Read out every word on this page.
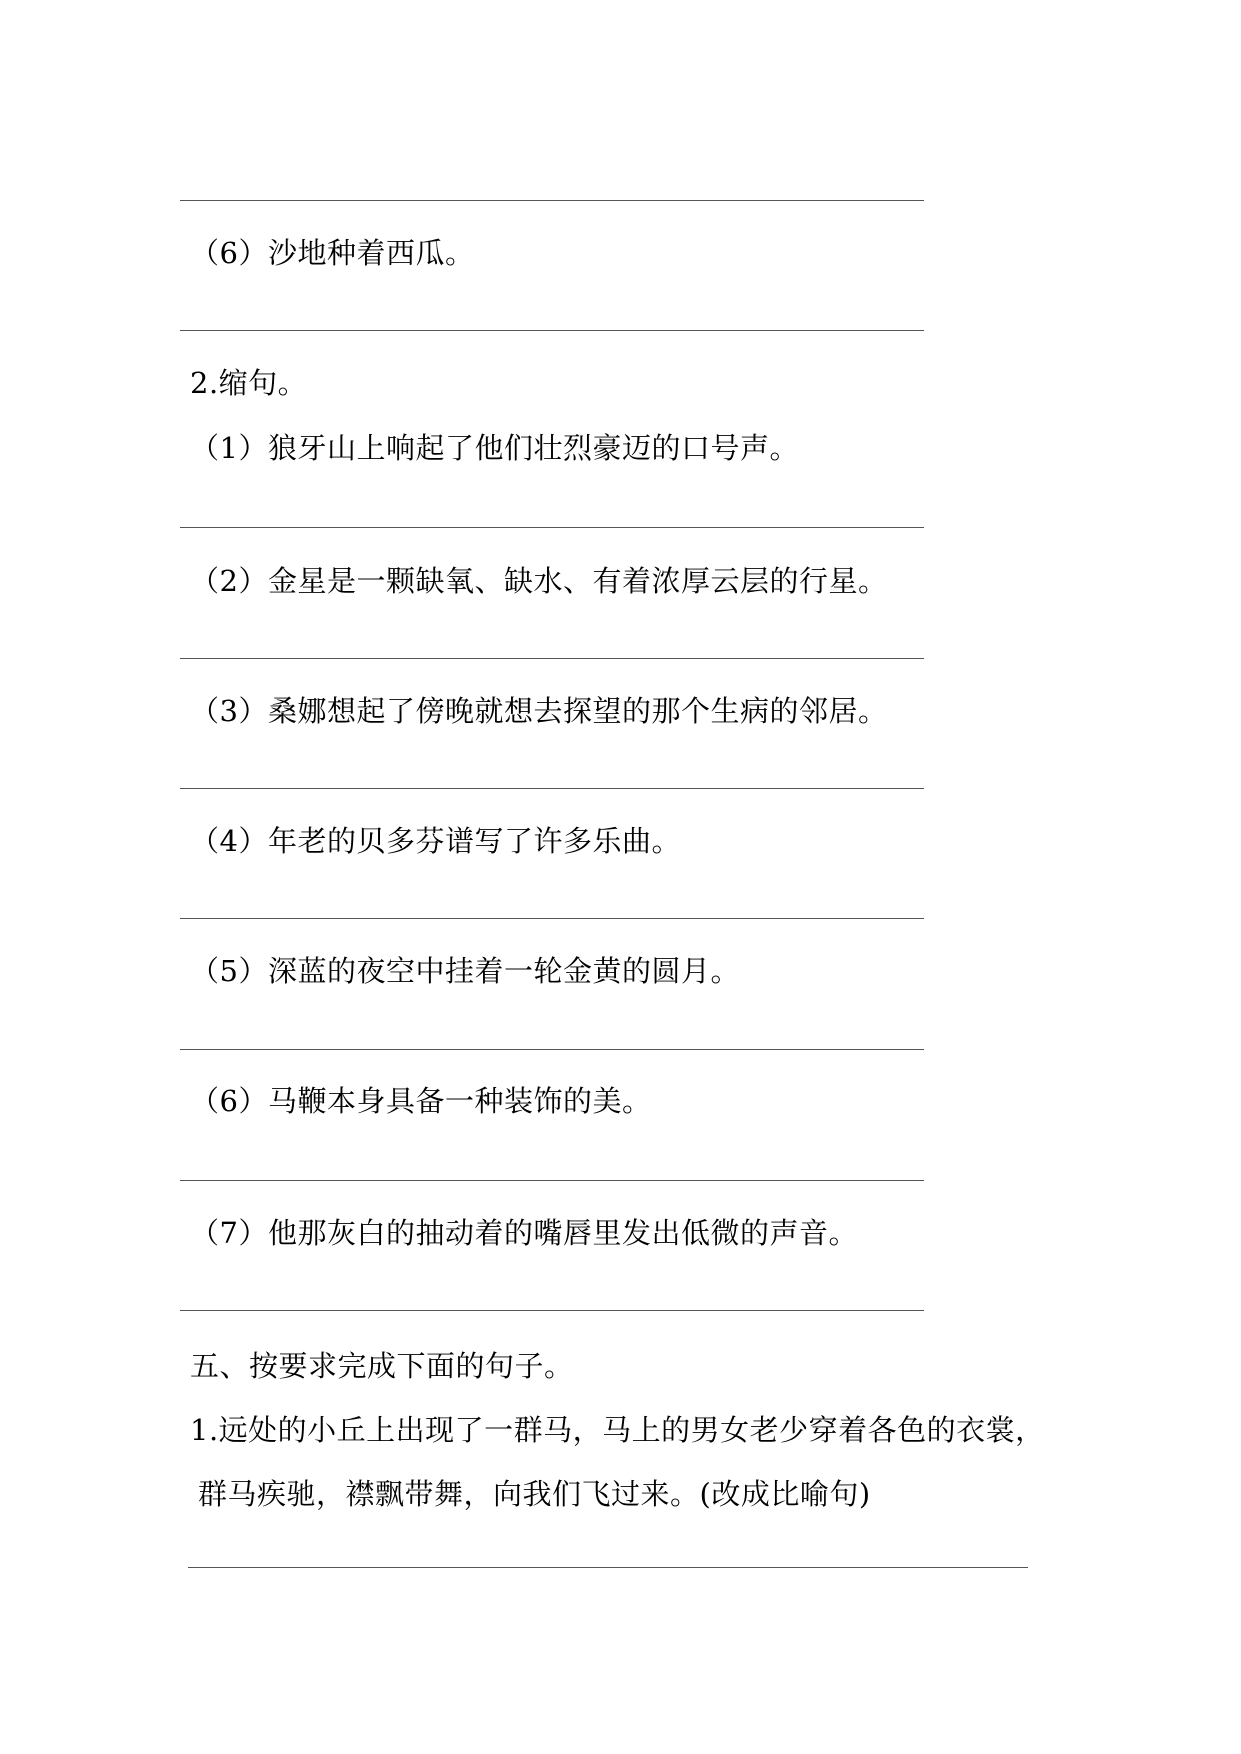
（6）沙地种着西瓜。
2.缩句。
（1）狼牙山上响起了他们壮烈豪迈的口号声。
（2）金星是一颗缺氧、缺水、有着浓厚云层的行星。
（3）桑娜想起了傍晚就想去探望的那个生病的邻居。
（4）年老的贝多芬谱写了许多乐曲。
（5）深蓝的夜空中挂着一轮金黄的圆月。
（6）马鞭本身具备一种装饰的美。
（7）他那灰白的抽动着的嘴唇里发出低微的声音。
五、按要求完成下面的句子。
1.远处的小丘上出现了一群马，马上的男女老少穿着各色的衣裳，
群马疾驰，襟飘带舞，向我们飞过来。(改成比喻句)
